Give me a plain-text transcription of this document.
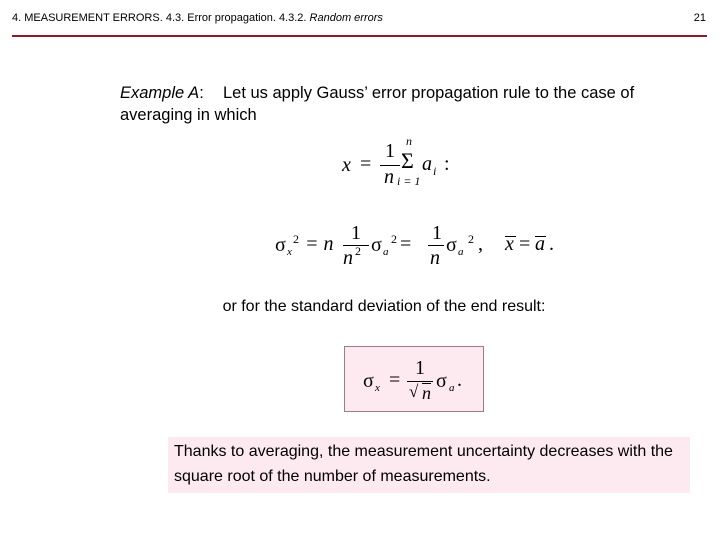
4. MEASUREMENT ERRORS. 4.3. Error propagation. 4.3.2. Random errors	21
Example A: Let us apply Gauss’ error propagation rule to the case of averaging in which
x =
1
n
n
Σ
i = 1
a i :
σ x
2 = n 1
n 2 σ a
2 = 1
n
σ a
2 , x = a .
or for the standard deviation of the end result:
σ x =
1
√ n
σ a .
Thanks to averaging, the measurement uncertainty decreases with the square root of the number of measurements.
